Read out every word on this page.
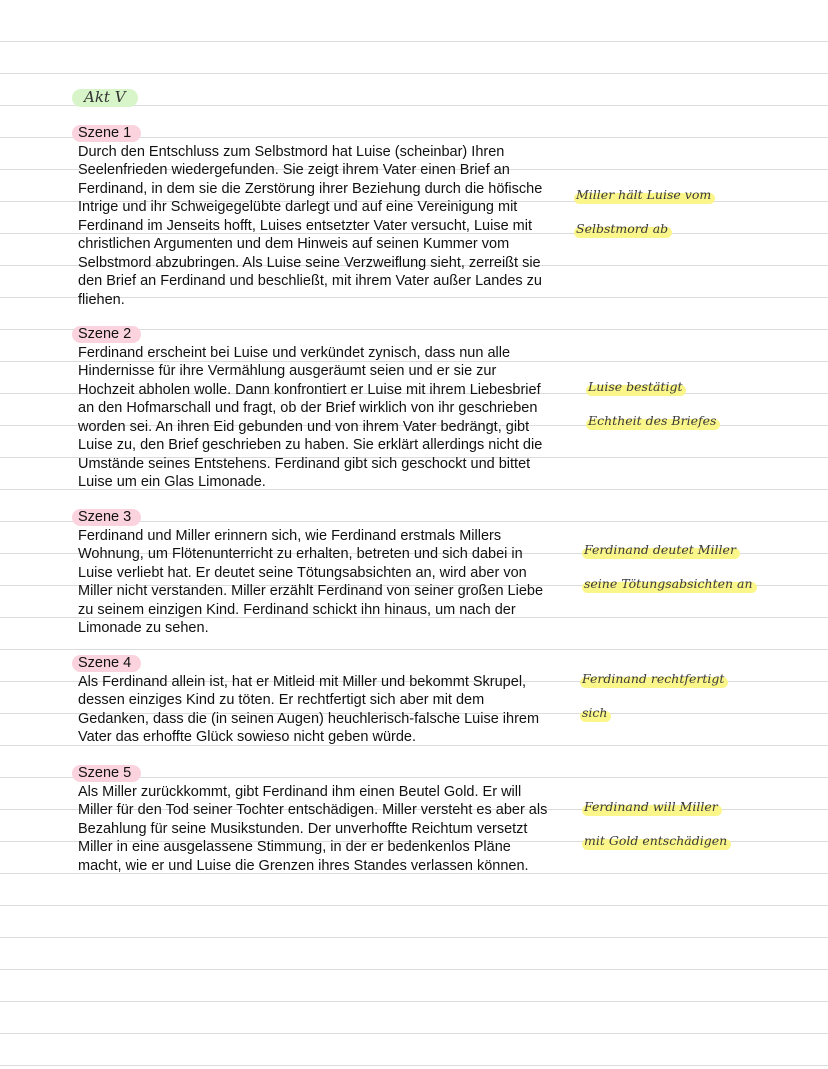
Akt V
Szene 1

Durch den Entschluss zum Selbstmord hat Luise (scheinbar) Ihren Seelenfrieden wiedergefunden. Sie zeigt ihrem Vater einen Brief an Ferdinand, in dem sie die Zerstörung ihrer Beziehung durch die höfische Intrige und ihr Schweigegelübte darlegt und auf eine Vereinigung mit Ferdinand im Jenseits hofft, Luises entsetzter Vater versucht, Luise mit christlichen Argumenten und dem Hinweis auf seinen Kummer vom Selbstmord abzubringen. Als Luise seine Verzweiflung sieht, zerreißt sie den Brief an Ferdinand und beschließt, mit ihrem Vater außer Landes zu fliehen.

Miller hält Luise vom
Selbstmord ab
Szene 2

Ferdinand erscheint bei Luise und verkündet zynisch, dass nun alle Hindernisse für ihre Vermählung ausgeräumt seien und er sie zur Hochzeit abholen wolle. Dann konfrontiert er Luise mit ihrem Liebesbrief an den Hofmarschall und fragt, ob der Brief wirklich von ihr geschrieben worden sei. An ihren Eid gebunden und von ihrem Vater bedrängt, gibt Luise zu, den Brief geschrieben zu haben. Sie erklärt allerdings nicht die Umstände seines Entstehens. Ferdinand gibt sich geschockt und bittet Luise um ein Glas Limonade.

Luise bestätigt
Echtheit des Briefes
Szene 3

Ferdinand und Miller erinnern sich, wie Ferdinand erstmals Millers Wohnung, um Flötenunterricht zu erhalten, betreten und sich dabei in Luise verliebt hat. Er deutet seine Tötungsabsichten an, wird aber von Miller nicht verstanden. Miller erzählt Ferdinand von seiner großen Liebe zu seinem einzigen Kind. Ferdinand schickt ihn hinaus, um nach der Limonade zu sehen.

Ferdinand deutet Miller
seine Tötungsabsichten an
Szene 4

Als Ferdinand allein ist, hat er Mitleid mit Miller und bekommt Skrupel, dessen einziges Kind zu töten. Er rechtfertigt sich aber mit dem Gedanken, dass die (in seinen Augen) heuchlerisch-falsche Luise ihrem Vater das erhoffte Glück sowieso nicht geben würde.

Ferdinand rechtfertigt
sich
Szene 5

Als Miller zurückkommt, gibt Ferdinand ihm einen Beutel Gold. Er will Miller für den Tod seiner Tochter entschädigen. Miller versteht es aber als Bezahlung für seine Musikstunden. Der unverhoffte Reichtum versetzt Miller in eine ausgelassene Stimmung, in der er bedenkenlos Pläne macht, wie er und Luise die Grenzen ihres Standes verlassen können.

Ferdinand will Miller
mit Gold entschädigen
